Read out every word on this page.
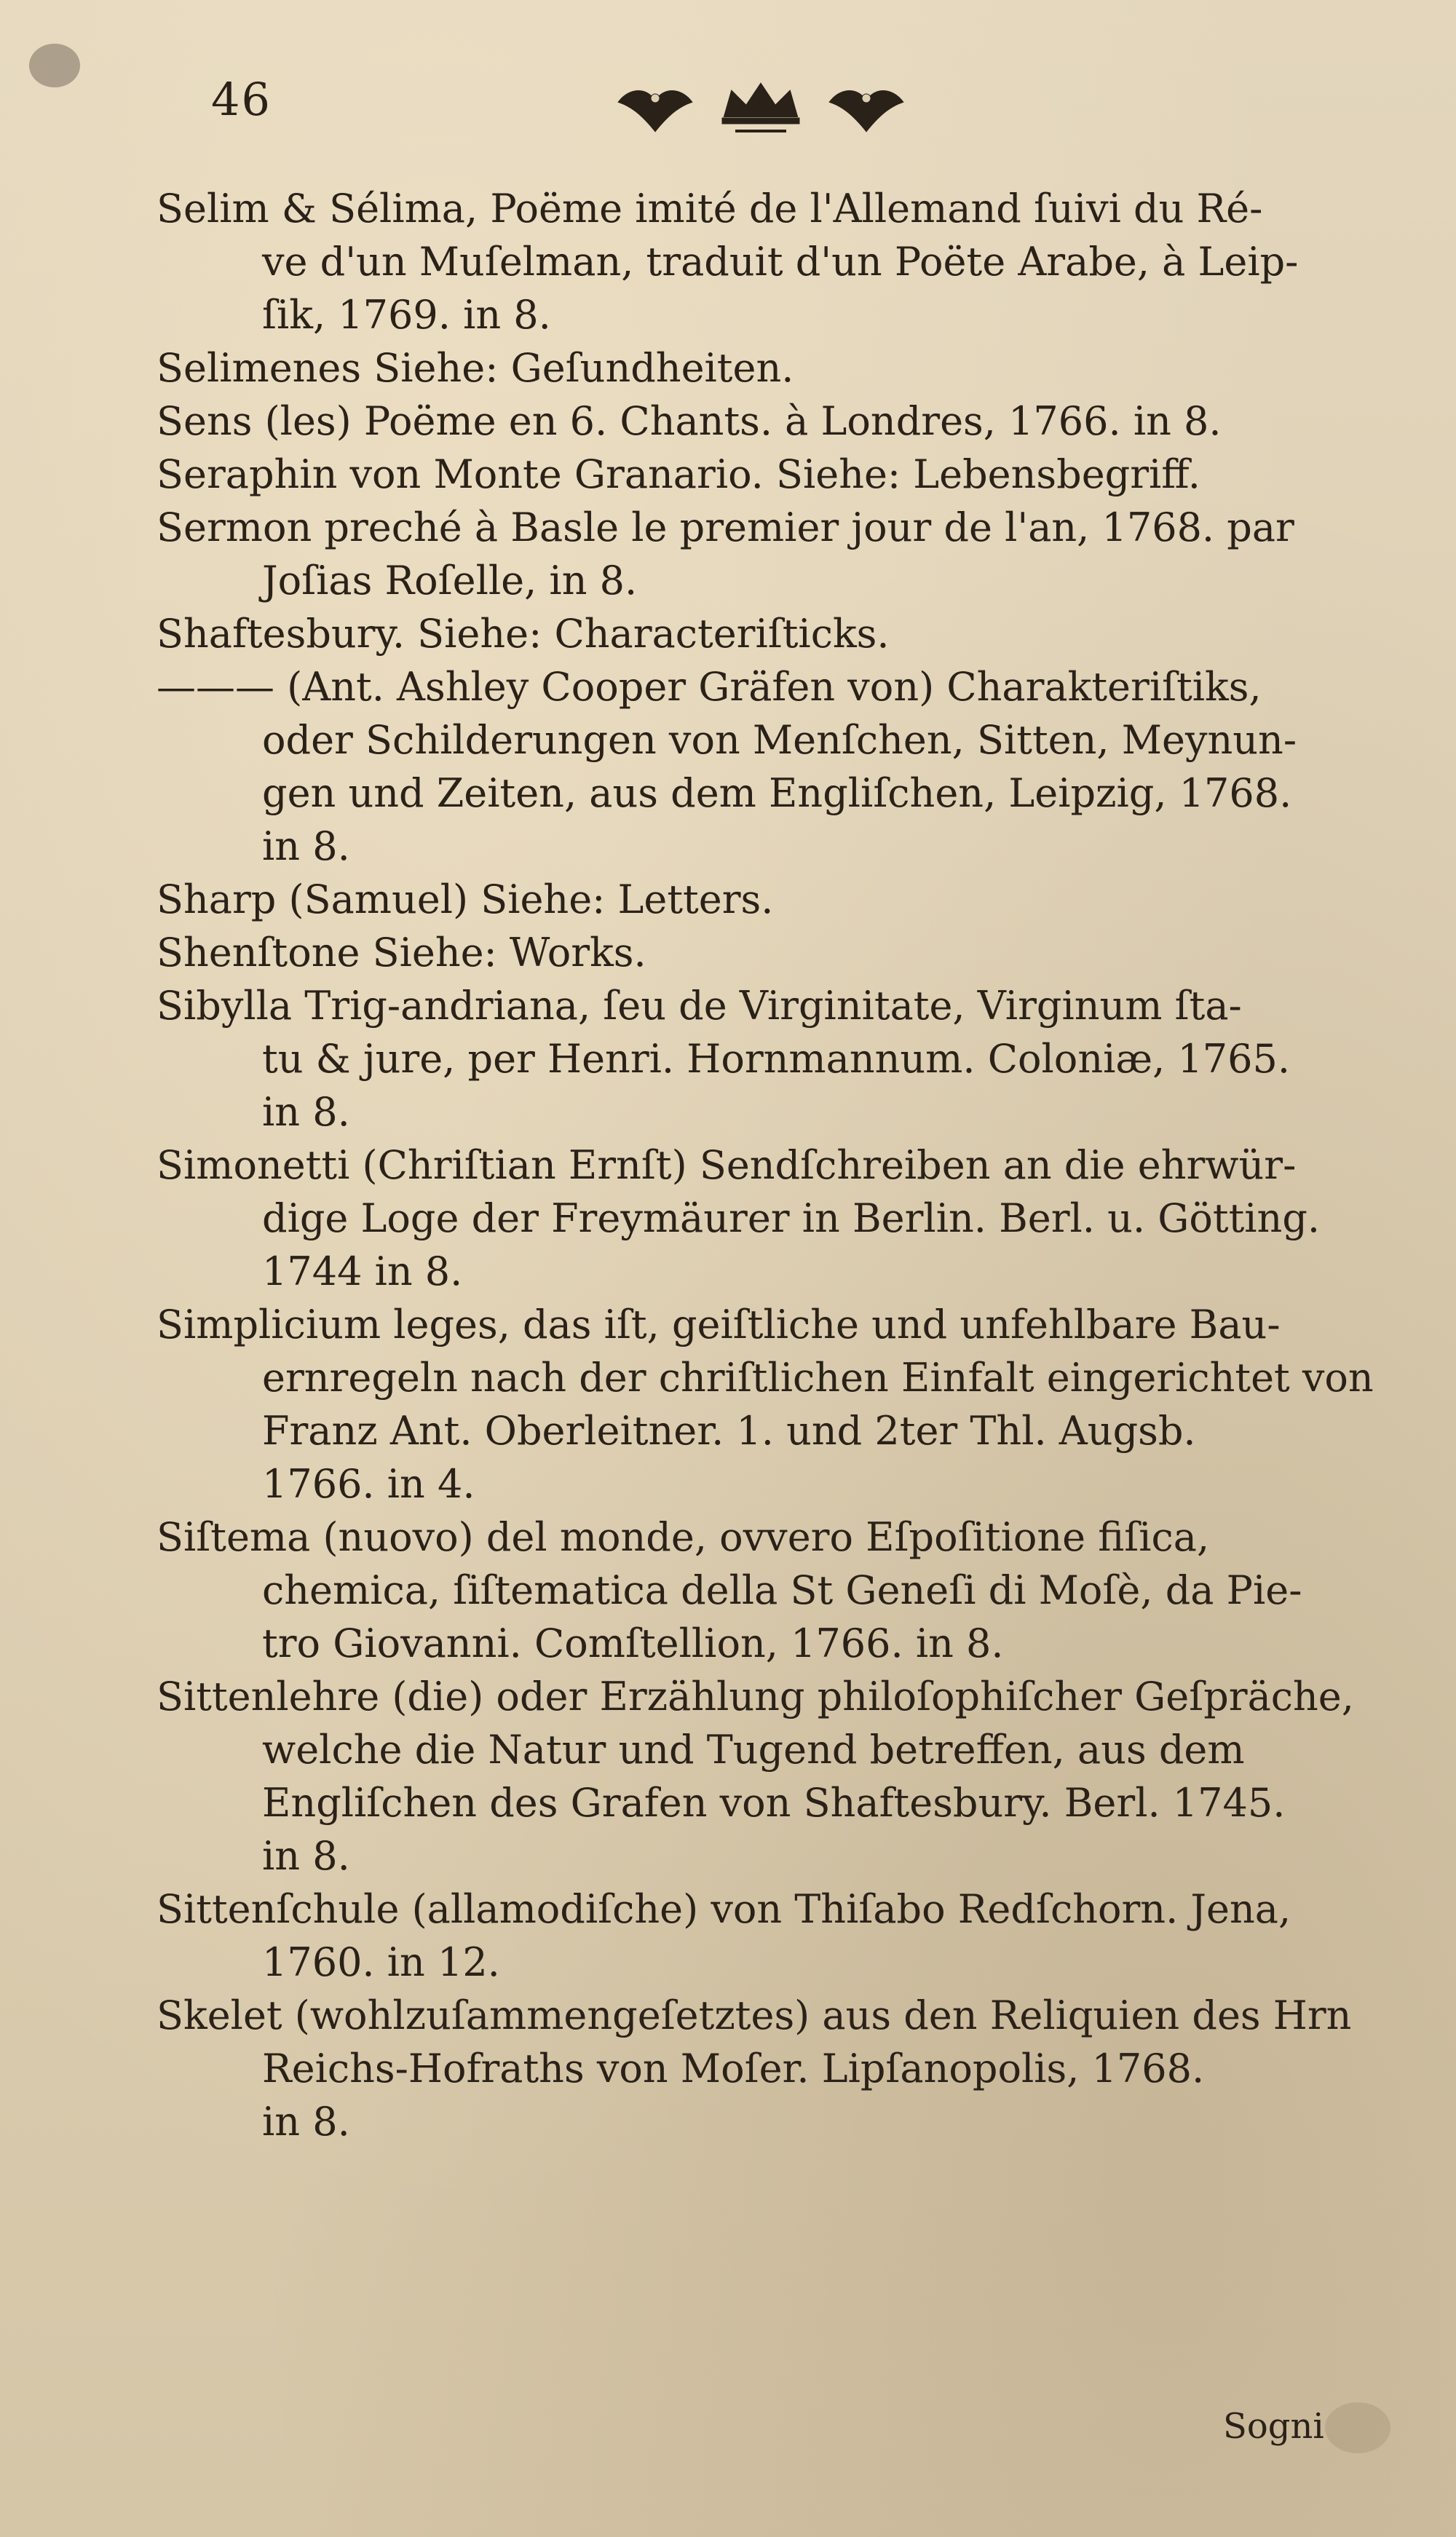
46
Selim & Sélima, Poëme imité de l'Allemand ſuivi du Ré-
ve d'un Muſelman, traduit d'un Poëte Arabe, à Leip-
ſik, 1769. in 8.
Selimenes Siehe: Geſundheiten.
Sens (les) Poëme en 6. Chants. à Londres, 1766. in 8.
Seraphin von Monte Granario. Siehe: Lebensbegriff.
Sermon preché à Basle le premier jour de l'an, 1768. par
Joſias Roſelle, in 8.
Shaftesbury. Siehe: Characteriſticks.
——— (Ant. Ashley Cooper Gräfen von) Charakteriſtiks,
oder Schilderungen von Menſchen, Sitten, Meynun-
gen und Zeiten, aus dem Engliſchen, Leipzig, 1768.
in 8.
Sharp (Samuel) Siehe: Letters.
Shenſtone Siehe: Works.
Sibylla Trig-andriana, ſeu de Virginitate, Virginum ſta-
tu & jure, per Henri. Hornmannum. Coloniæ, 1765.
in 8.
Simonetti (Chriſtian Ernſt) Sendſchreiben an die ehrwür-
dige Loge der Freymäurer in Berlin. Berl. u. Götting.
1744 in 8.
Simplicium leges, das iſt, geiſtliche und unfehlbare Bau-
ernregeln nach der chriſtlichen Einfalt eingerichtet von
Franz Ant. Oberleitner. 1. und 2ter Thl. Augsb.
1766. in 4.
Siſtema (nuovo) del monde, ovvero Eſpoſitione fiſica,
chemica, ſiſtematica della St Geneſi di Moſè, da Pie-
tro Giovanni. Comſtellion, 1766. in 8.
Sittenlehre (die) oder Erzählung philoſophiſcher Geſpräche,
welche die Natur und Tugend betreffen, aus dem
Engliſchen des Grafen von Shaftesbury. Berl. 1745.
in 8.
Sittenſchule (allamodiſche) von Thiſabo Redſchorn. Jena,
1760. in 12.
Skelet (wohlzuſammengeſetztes) aus den Reliquien des Hrn
Reichs-Hofraths von Moſer. Lipſanopolis, 1768.
in 8.
Sogni
